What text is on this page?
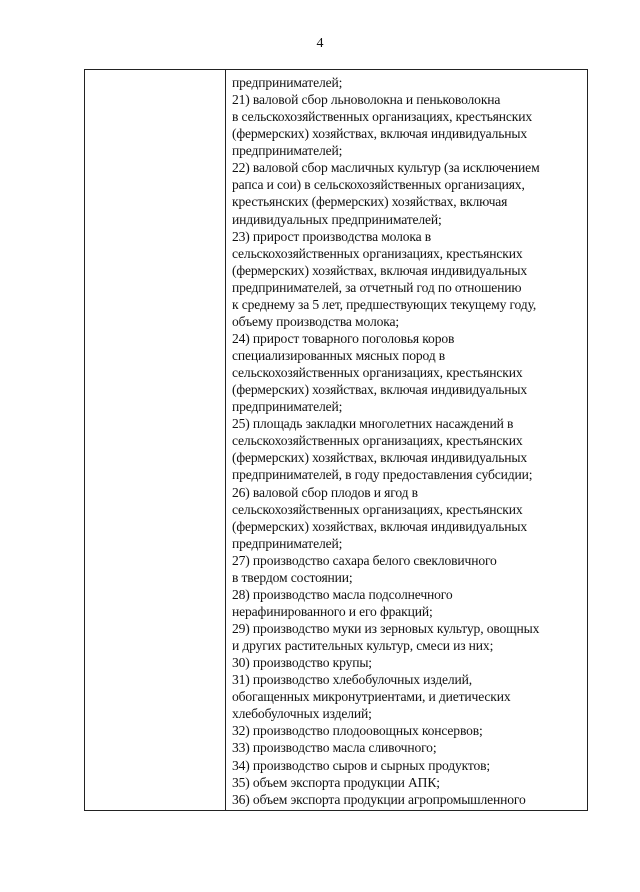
4
предпринимателей;
21) валовой сбор льноволокна и пеньковолокна
в сельскохозяйственных организациях, крестьянских
(фермерских) хозяйствах, включая индивидуальных
предпринимателей;
22) валовой сбор масличных культур (за исключением
рапса и сои) в сельскохозяйственных организациях,
крестьянских (фермерских) хозяйствах, включая
индивидуальных предпринимателей;
23) прирост производства молока в
сельскохозяйственных организациях, крестьянских
(фермерских) хозяйствах, включая индивидуальных
предпринимателей, за отчетный год по отношению
к среднему за 5 лет, предшествующих текущему году,
объему производства молока;
24) прирост товарного поголовья коров
специализированных мясных пород в
сельскохозяйственных организациях, крестьянских
(фермерских) хозяйствах, включая индивидуальных
предпринимателей;
25) площадь закладки многолетних насаждений в
сельскохозяйственных организациях, крестьянских
(фермерских) хозяйствах, включая индивидуальных
предпринимателей, в году предоставления субсидии;
26) валовой сбор плодов и ягод в
сельскохозяйственных организациях, крестьянских
(фермерских) хозяйствах, включая индивидуальных
предпринимателей;
27) производство сахара белого свекловичного
в твердом состоянии;
28) производство масла подсолнечного
нерафинированного и его фракций;
29) производство муки из зерновых культур, овощных
и других растительных культур, смеси из них;
30) производство крупы;
31) производство хлебобулочных изделий,
обогащенных микронутриентами, и диетических
хлебобулочных изделий;
32) производство плодоовощных консервов;
33) производство масла сливочного;
34) производство сыров и сырных продуктов;
35) объем экспорта продукции АПК;
36) объем экспорта продукции агропромышленного
